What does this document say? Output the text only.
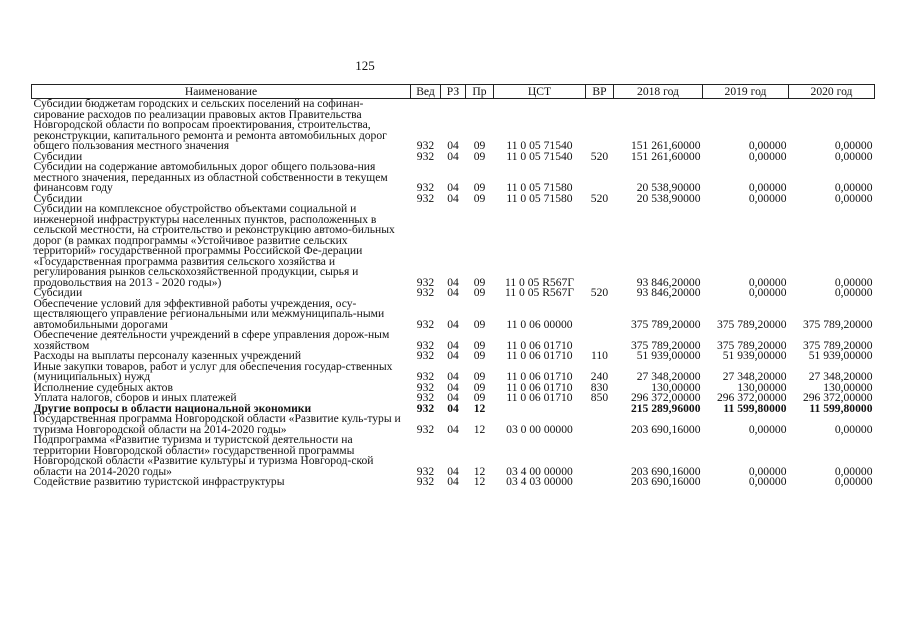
125
Наименование	Вед	РЗ	Пр	ЦСТ	ВР	2018 год	2019 год	2020 год
Субсидии бюджетам городских и сельских поселений на софинан-сирование расходов по реализации правовых актов Правительства Новгородской области по вопросам проектирования, строительства, реконструкции, капитального ремонта и ремонта автомобильных дорог общего пользования местного значения	932	04	09	11 0 05 71540		151 261,60000	0,00000	0,00000
Субсидии	932	04	09	11 0 05 71540	520	151 261,60000	0,00000	0,00000
Субсидии на содержание автомобильных дорог общего пользова-ния местного значения, переданных из областной собственности в текущем финансовм году	932	04	09	11 0 05 71580		20 538,90000	0,00000	0,00000
Субсидии	932	04	09	11 0 05 71580	520	20 538,90000	0,00000	0,00000
Субсидии на комплексное обустройство объектами социальной и инженерной инфраструктуры населенных пунктов, расположенных в сельской местности, на строительство и реконструкцию автомо-бильных дорог (в рамках подпрограммы «Устойчивое развитие сельских территорий» государственной программы Российской Фе-дерации «Государственная программа развития сельского хозяйства и регулирования рынков сельскохозяйственной продукции, сырья и продовольствия на 2013 - 2020 годы»)	932	04	09	11 0 05 R567Г		93 846,20000	0,00000	0,00000
Субсидии	932	04	09	11 0 05 R567Г	520	93 846,20000	0,00000	0,00000
Обеспечение условий для эффективной работы учреждения, осу-ществляющего управление региональными или межмуниципаль-ными автомобильными дорогами	932	04	09	11 0 06 00000		375 789,20000	375 789,20000	375 789,20000
Обеспечение деятельности учреждений в сфере управления дорож-ным хозяйством	932	04	09	11 0 06 01710		375 789,20000	375 789,20000	375 789,20000
Расходы на выплаты персоналу казенных учреждений	932	04	09	11 0 06 01710	110	51 939,00000	51 939,00000	51 939,00000
Иные закупки товаров, работ и услуг для обеспечения государ-ственных (муниципальных) нужд	932	04	09	11 0 06 01710	240	27 348,20000	27 348,20000	27 348,20000
Исполнение судебных актов	932	04	09	11 0 06 01710	830	130,00000	130,00000	130,00000
Уплата налогов, сборов и иных платежей	932	04	09	11 0 06 01710	850	296 372,00000	296 372,00000	296 372,00000
Другие вопросы в области национальной экономики	932	04	12			215 289,96000	11 599,80000	11 599,80000
Государственная программа Новгородской области «Развитие куль-туры и туризма Новгородской области на 2014-2020 годы»	932	04	12	03 0 00 00000		203 690,16000	0,00000	0,00000
Подпрограмма «Развитие туризма и туристской деятельности на территории Новгородской области» государственной программы Новгородской области «Развитие культуры и туризма Новгород-ской области на 2014-2020 годы»	932	04	12	03 4 00 00000		203 690,16000	0,00000	0,00000
Содействие развитию туристской инфраструктуры	932	04	12	03 4 03 00000		203 690,16000	0,00000	0,00000
